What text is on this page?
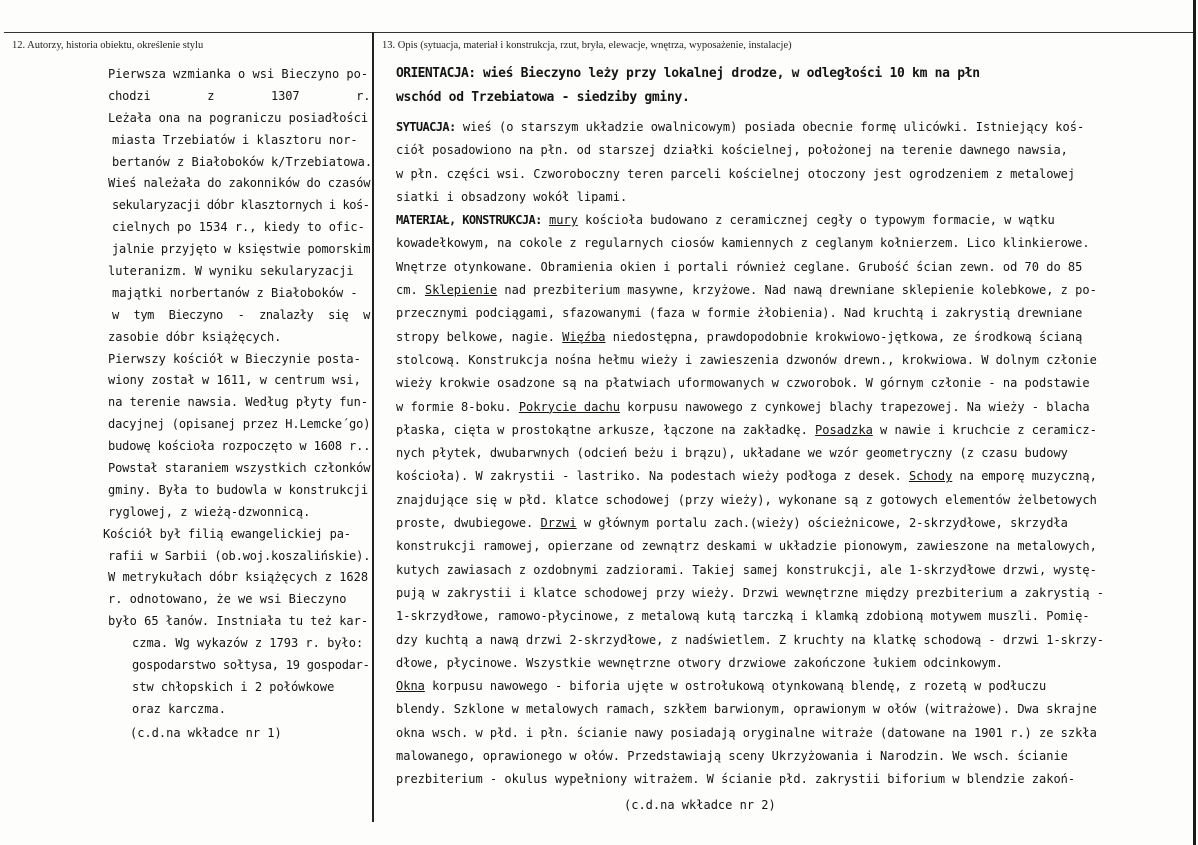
12. Autorzy, historia obiektu, określenie stylu	13. Opis (sytuacja, materiał i konstrukcja, rzut, bryła, elewacje, wnętrza, wyposażenie, instalacje)
Pierwsza wzmianka o wsi Bieczyno po-
chodzi        z        1307        r.
Leżała ona na pograniczu posiadłości
miasta Trzebiatów i klasztoru nor-
bertanów z Białoboków k/Trzebiatowa.
Wieś należała do zakonników do czasów
sekularyzacji dóbr klasztornych i koś-
cielnych po 1534 r., kiedy to ofic-
jalnie przyjęto w księstwie pomorskim
luteranizm. W wyniku sekularyzacji
majątki norbertanów z Białoboków -
w tym Bieczyno - znalazły się w
zasobie dóbr książęcych.
Pierwszy kościół w Bieczynie posta-
wiony został w 1611, w centrum wsi,
na terenie nawsia. Według płyty fun-
dacyjnej (opisanej przez H.Lemcke´go)
budowę kościoła rozpoczęto w 1608 r..
Powstał staraniem wszystkich członków
gminy. Była to budowla w konstrukcji
ryglowej, z wieżą-dzwonnicą.
Kościół był filią ewangelickiej pa-
rafii w Sarbii (ob.woj.koszalińskie).
W metrykułach dóbr książęcych z 1628
r. odnotowano, że we wsi Bieczyno
było 65 łanów. Instniała tu też kar-
czma. Wg wykazów z 1793 r. było:
gospodarstwo sołtysa, 19 gospodar-
stw chłopskich i 2 połówkowe
oraz karczma.
(c.d.na wkładce nr 1)
ORIENTACJA: wieś Bieczyno leży przy lokalnej drodze, w odległości 10 km na płn
wschód od Trzebiatowa - siedziby gminy.
SYTUACJA: wieś (o starszym układzie owalnicowym) posiada obecnie formę ulicówki. Istniejący koś-
ciół posadowiono na płn. od starszej działki kościelnej, położonej na terenie dawnego nawsia,
w płn. części wsi. Czworoboczny teren parceli kościelnej otoczony jest ogrodzeniem z metalowej
siatki i obsadzony wokół lipami.
MATERIAŁ, KONSTRUKCJA: mury kościoła budowano z ceramicznej cegły o typowym formacie, w wątku
kowadełkowym, na cokole z regularnych ciosów kamiennych z ceglanym kołnierzem. Lico klinkierowe.
Wnętrze otynkowane. Obramienia okien i portali również ceglane. Grubość ścian zewn. od 70 do 85
cm. Sklepienie nad prezbiterium masywne, krzyżowe. Nad nawą drewniane sklepienie kolebkowe, z po-
przecznymi podciągami, sfazowanymi (faza w formie żłobienia). Nad kruchtą i zakrystią drewniane
stropy belkowe, nagie. Więźba niedostępna, prawdopodobnie krokwiowo-jętkowa, ze środkową ścianą
stolcową. Konstrukcja nośna hełmu wieży i zawieszenia dzwonów drewn., krokwiowa. W dolnym członie
wieży krokwie osadzone są na płatwiach uformowanych w czworobok. W górnym członie - na podstawie
w formie 8-boku. Pokrycie dachu korpusu nawowego z cynkowej blachy trapezowej. Na wieży - blacha
płaska, cięta w prostokątne arkusze, łączone na zakładkę. Posadzka w nawie i kruchcie z ceramicz-
nych płytek, dwubarwnych (odcień beżu i brązu), układane we wzór geometryczny (z czasu budowy
kościoła). W zakrystii - lastriko. Na podestach wieży podłoga z desek. Schody na emporę muzyczną,
znajdujące się w płd. klatce schodowej (przy wieży), wykonane są z gotowych elementów żelbetowych
proste, dwubiegowe. Drzwi w głównym portalu zach.(wieży) ościeżnicowe, 2-skrzydłowe, skrzydła
konstrukcji ramowej, opierzane od zewnątrz deskami w układzie pionowym, zawieszone na metalowych,
kutych zawiasach z ozdobnymi zadziorami. Takiej samej konstrukcji, ale 1-skrzydłowe drzwi, wystę-
pują w zakrystii i klatce schodowej przy wieży. Drzwi wewnętrzne między prezbiterium a zakrystią -
1-skrzydłowe, ramowo-płycinowe, z metalową kutą tarczką i klamką zdobioną motywem muszli. Pomię-
dzy kuchtą a nawą drzwi 2-skrzydłowe, z nadświetlem. Z kruchty na klatkę schodową - drzwi 1-skrzy-
dłowe, płycinowe. Wszystkie wewnętrzne otwory drzwiowe zakończone łukiem odcinkowym.
Okna korpusu nawowego - biforia ujęte w ostrołukową otynkowaną blendę, z rozetą w podłuczu
blendy. Szklone w metalowych ramach, szkłem barwionym, oprawionym w ołów (witrażowe). Dwa skrajne
okna wsch. w płd. i płn. ścianie nawy posiadają oryginalne witraże (datowane na 1901 r.) ze szkła
malowanego, oprawionego w ołów. Przedstawiają sceny Ukrzyżowania i Narodzin. We wsch. ścianie
prezbiterium - okulus wypełniony witrażem. W ścianie płd. zakrystii biforium w blendzie zakoń-
(c.d.na wkładce nr 2)
